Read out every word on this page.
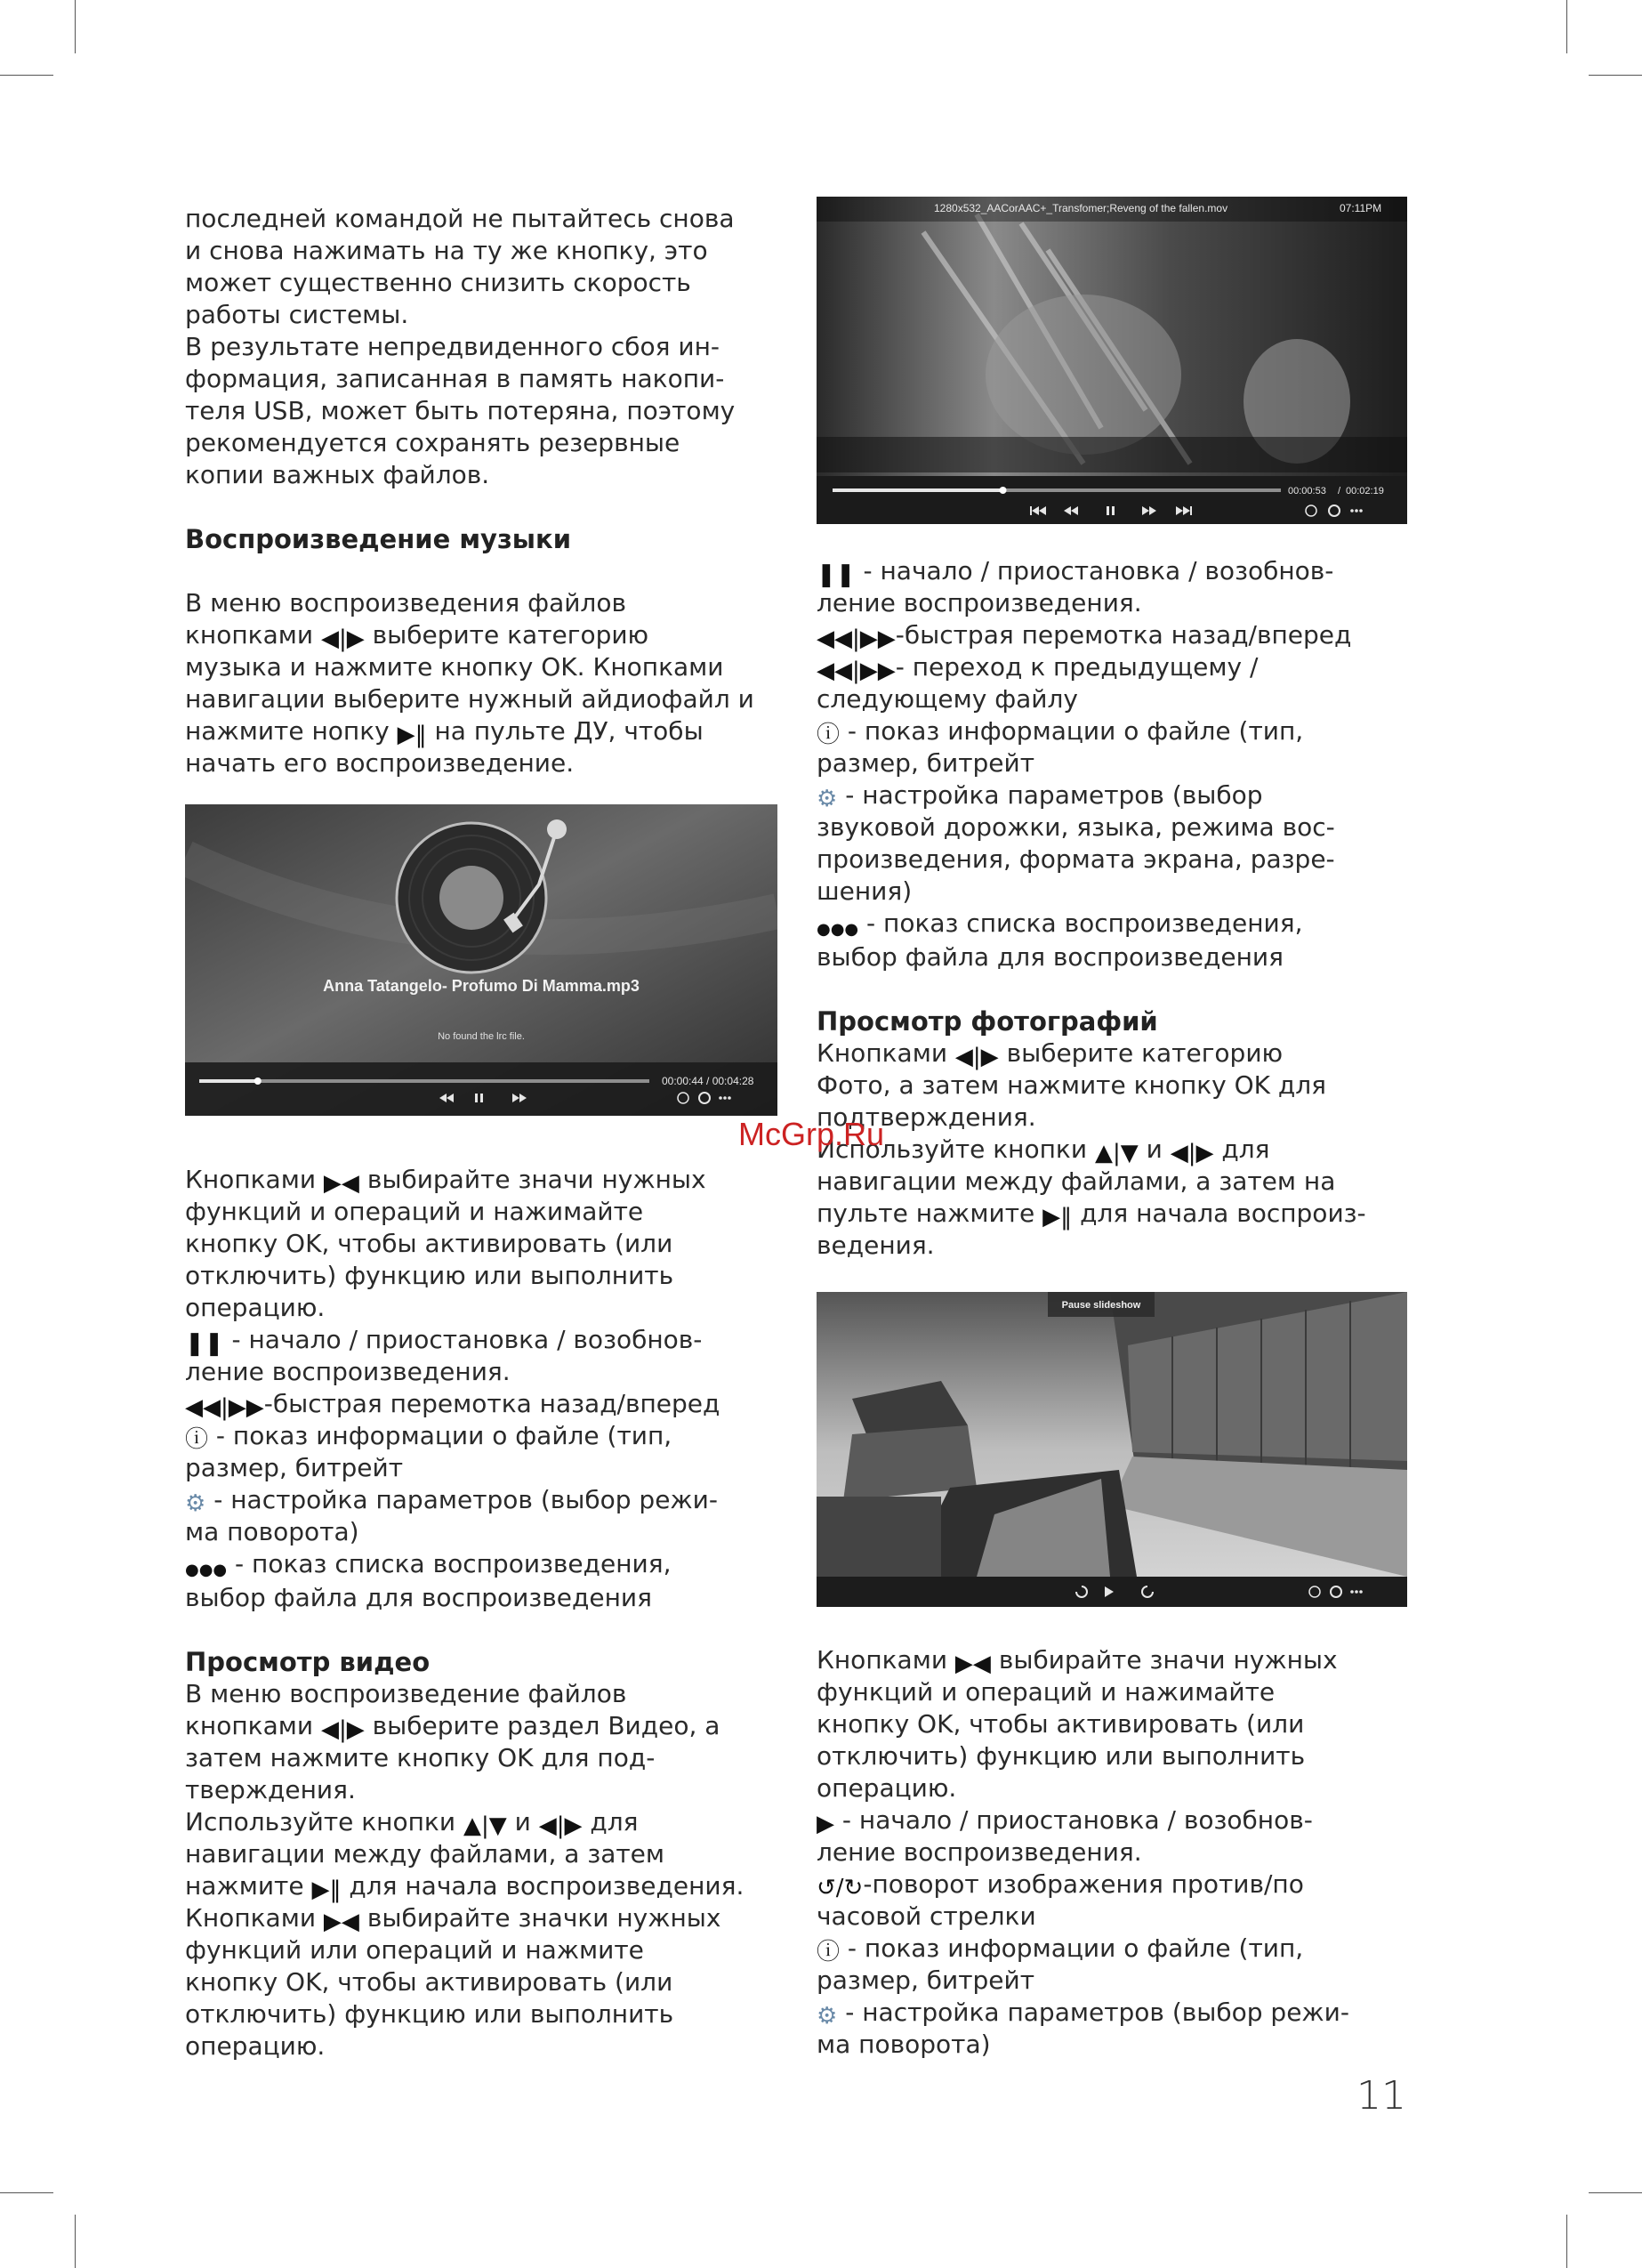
последней командой не пытайтесь снова

и снова нажимать на ту же кнопку, это

может существенно снизить скорость

работы системы.

В результате непредвиденного сбоя ин-

формация, записанная в память накопи-

теля USB, может быть потеряна, поэтому

рекомендуется сохранять резервные

копии важных файлов.

Воспроизведение музыки

В меню воспроизведения файлов

кнопками ◀|▶ выберите категорию

музыка и нажмите кнопку OK. Кнопками

навигации выберите нужный айдиофайл и

нажмите нопку ▶‖ на пульте ДУ, чтобы

начать его воспроизведение.

Anna Tatangelo- Profumo Di Mamma.mp3
No found the lrc file.
00:00:44 / 00:04:28

Кнопками ▶◀ выбирайте значи нужных

функций и операций и нажимайте

кнопку OK, чтобы активировать (или

отключить) функцию или выполнить

операцию.

❚❚ - начало / приостановка / возобнов-

ление воспроизведения.

◀◀|▶▶-быстрая перемотка назад/вперед

ⓘ - показ информации о файле (тип,

размер, битрейт

⚙ - настройка параметров (выбор режи-

ма поворота)

●●● - показ списка воспроизведения,

выбор файла для воспроизведения

Просмотр видео

В меню воспроизведение файлов

кнопками ◀|▶ выберите раздел Видео, а

затем нажмите кнопку OK для под-

тверждения.

Используйте кнопки ▲|▼ и ◀|▶ для

навигации между файлами, а затем

нажмите ▶‖ для начала воспроизведения.

Кнопками ▶◀ выбирайте значки нужных

функций или операций и нажмите

кнопку OK, чтобы активировать (или

отключить) функцию или выполнить

операцию.

1280x532_AACorAAC+_Transfomer;Reveng of the fallen.mov	07:11PM
00:00:53 / 00:02:19

❚❚ - начало / приостановка / возобнов-

ление воспроизведения.

◀◀|▶▶-быстрая перемотка назад/вперед

◀◀|▶▶- переход к предыдущему /

следующему файлу

ⓘ - показ информации о файле (тип,

размер, битрейт

⚙ - настройка параметров (выбор

звуковой дорожки, языка, режима вос-

произведения, формата экрана, разре-

шения)

●●● - показ списка воспроизведения,

выбор файла для воспроизведения

Просмотр фотографий

Кнопками ◀|▶ выберите категорию

Фото, а затем нажмите кнопку OK для

подтверждения.

Используйте кнопки ▲|▼ и ◀|▶ для

навигации между файлами, а затем на

пульте нажмите ▶‖ для начала воспроиз-

ведения.

Pause slideshow

Кнопками ▶◀ выбирайте значи нужных

функций и операций и нажимайте

кнопку OK, чтобы активировать (или

отключить) функцию или выполнить

операцию.

▶ - начало / приостановка / возобнов-

ление воспроизведения.

↺/↻-поворот изображения против/по

часовой стрелки

ⓘ - показ информации о файле (тип,

размер, битрейт

⚙ - настройка параметров (выбор режи-

ма поворота)

McGrp.Ru
11
